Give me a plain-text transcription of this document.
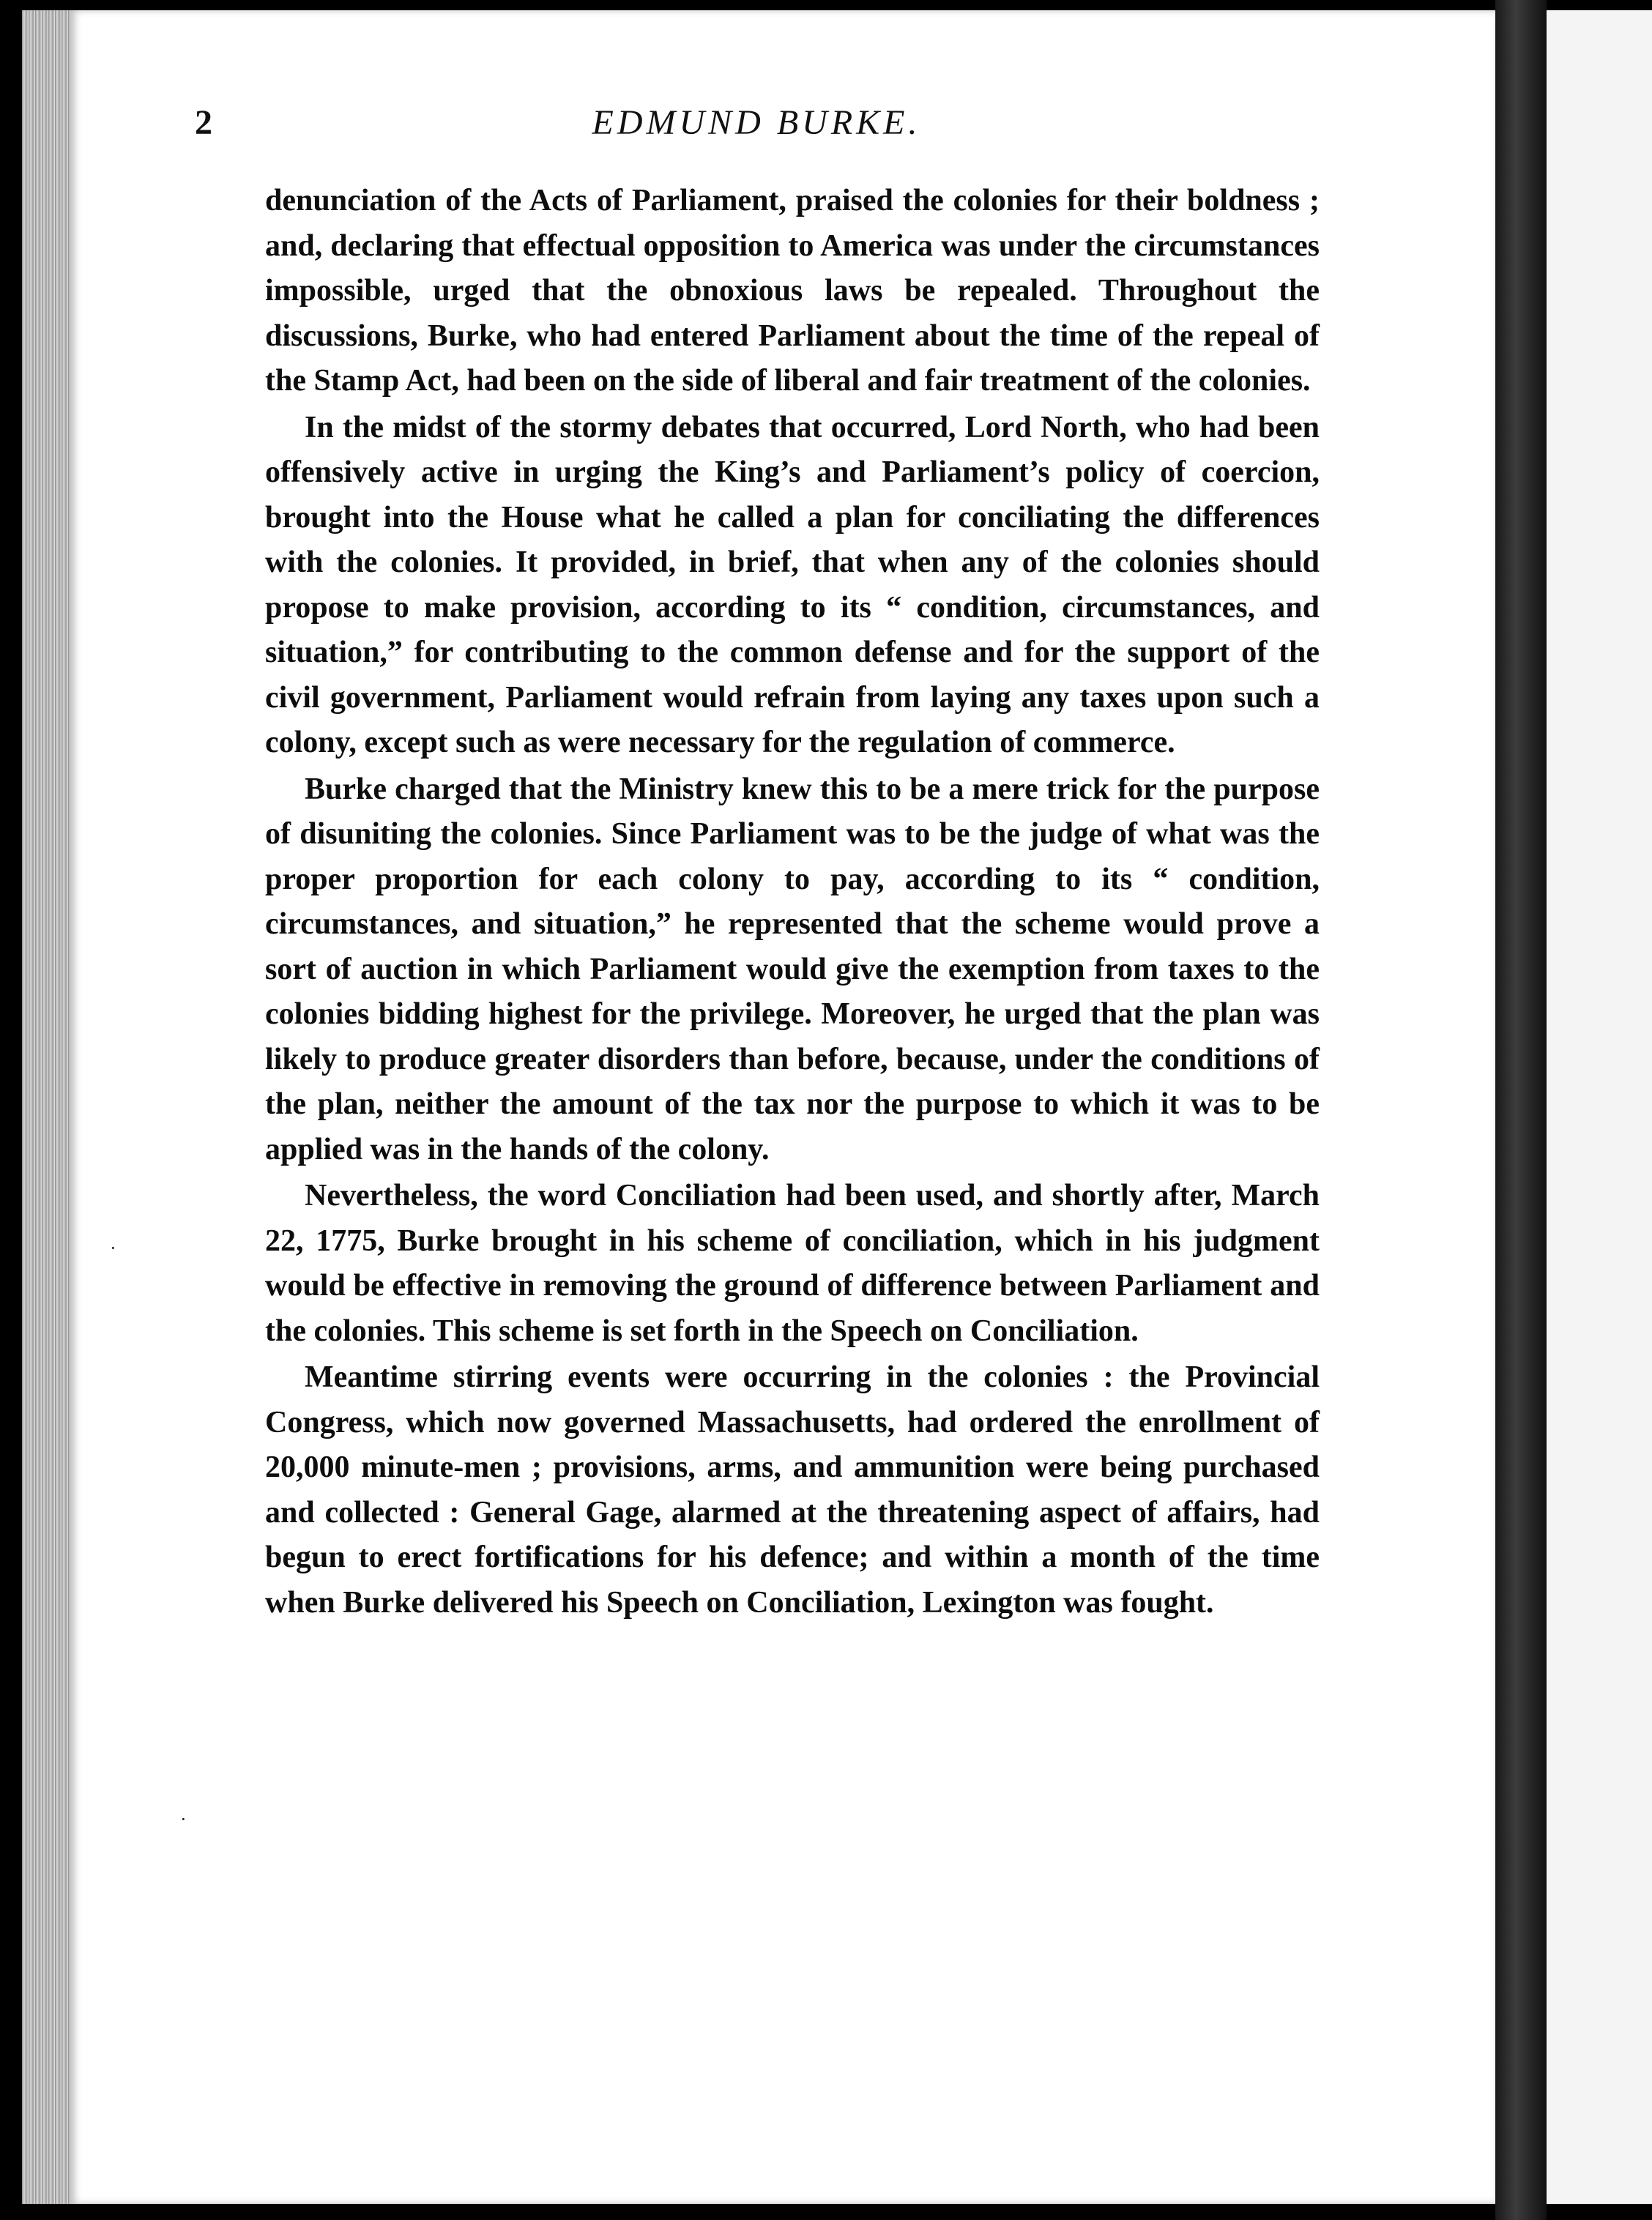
2	EDMUND BURKE.

denunciation of the Acts of Parliament, praised the colonies for their boldness ; and, declaring that effectual opposition to America was under the circumstances impossible, urged that the obnoxious laws be repealed. Throughout the discussions, Burke, who had entered Parliament about the time of the repeal of the Stamp Act, had been on the side of liberal and fair treatment of the colonies.

In the midst of the stormy debates that occurred, Lord North, who had been offensively active in urging the King’s and Parliament’s policy of coercion, brought into the House what he called a plan for conciliating the differences with the colonies. It provided, in brief, that when any of the colonies should propose to make provision, according to its “ condition, circumstances, and situation,” for contributing to the common defense and for the support of the civil government, Parliament would refrain from laying any taxes upon such a colony, except such as were necessary for the regulation of commerce.

Burke charged that the Ministry knew this to be a mere trick for the purpose of disuniting the colonies. Since Parliament was to be the judge of what was the proper proportion for each colony to pay, according to its “ condition, circumstances, and situation,” he represented that the scheme would prove a sort of auction in which Parliament would give the exemption from taxes to the colonies bidding highest for the privilege. Moreover, he urged that the plan was likely to produce greater disorders than before, because, under the conditions of the plan, neither the amount of the tax nor the purpose to which it was to be applied was in the hands of the colony.

Nevertheless, the word Conciliation had been used, and shortly after, March 22, 1775, Burke brought in his scheme of conciliation, which in his judgment would be effective in removing the ground of difference between Parliament and the colonies. This scheme is set forth in the Speech on Conciliation.

Meantime stirring events were occurring in the colonies : the Provincial Congress, which now governed Massachusetts, had ordered the enrollment of 20,000 minute-men ; provisions, arms, and ammunition were being purchased and collected : General Gage, alarmed at the threatening aspect of affairs, had begun to erect fortifications for his defence; and within a month of the time when Burke delivered his Speech on Conciliation, Lexington was fought.

·
·
